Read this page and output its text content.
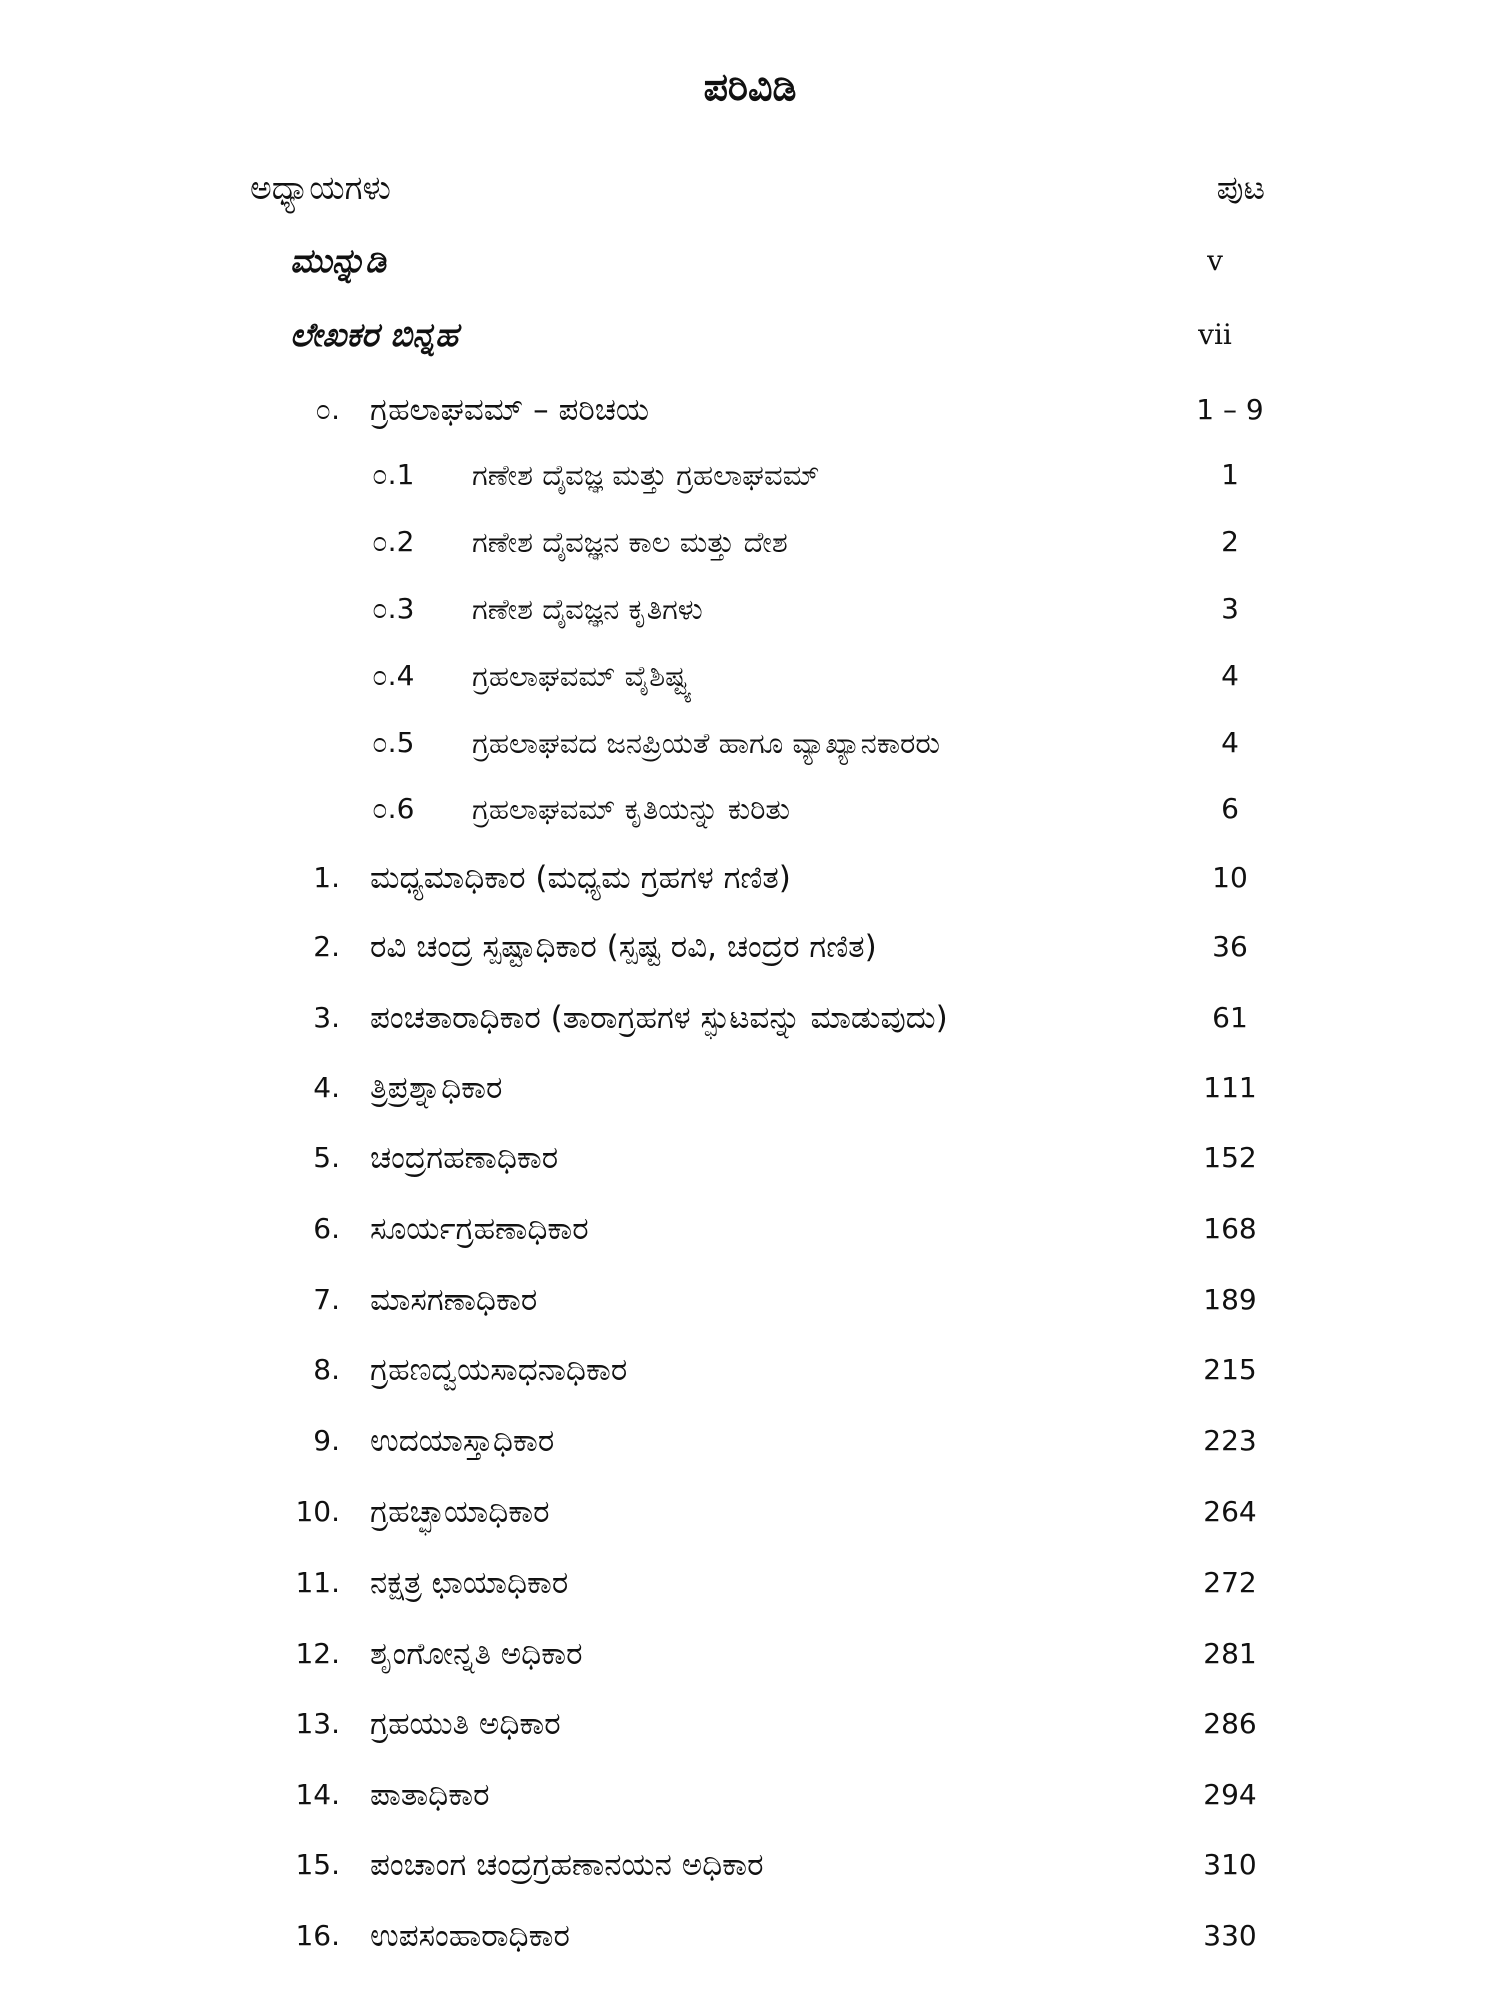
ಪರಿವಿಡಿ
ಅಧ್ಯಾಯಗಳು	ಪುಟ
ಮುನ್ನುಡಿ	v
ಲೇಖಕರ ಬಿನ್ನಹ	vii
೦. ಗ್ರಹಲಾಘವಮ್ – ಪರಿಚಯ	1 – 9
೦.1	ಗಣೇಶ ದೈವಜ್ಞ ಮತ್ತು ಗ್ರಹಲಾಘವಮ್	1
೦.2	ಗಣೇಶ ದೈವಜ್ಞನ ಕಾಲ ಮತ್ತು ದೇಶ	2
೦.3	ಗಣೇಶ ದೈವಜ್ಞನ ಕೃತಿಗಳು	3
೦.4	ಗ್ರಹಲಾಘವಮ್ ವೈಶಿಷ್ಟ್ಯ	4
೦.5	ಗ್ರಹಲಾಘವದ ಜನಪ್ರಿಯತೆ ಹಾಗೂ ವ್ಯಾಖ್ಯಾನಕಾರರು	4
೦.6	ಗ್ರಹಲಾಘವಮ್ ಕೃತಿಯನ್ನು ಕುರಿತು	6
1. ಮಧ್ಯಮಾಧಿಕಾರ (ಮಧ್ಯಮ ಗ್ರಹಗಳ ಗಣಿತ)	10
2. ರವಿ ಚಂದ್ರ ಸ್ಪಷ್ಟಾಧಿಕಾರ (ಸ್ಪಷ್ಟ ರವಿ, ಚಂದ್ರರ ಗಣಿತ)	36
3. ಪಂಚತಾರಾಧಿಕಾರ (ತಾರಾಗ್ರಹಗಳ ಸ್ಫುಟವನ್ನು ಮಾಡುವುದು)	61
4. ತ್ರಿಪ್ರಶ್ನಾಧಿಕಾರ	111
5. ಚಂದ್ರಗಹಣಾಧಿಕಾರ	152
6. ಸೂರ್ಯಗ್ರಹಣಾಧಿಕಾರ	168
7. ಮಾಸಗಣಾಧಿಕಾರ	189
8. ಗ್ರಹಣದ್ವಯಸಾಧನಾಧಿಕಾರ	215
9. ಉದಯಾಸ್ತಾಧಿಕಾರ	223
10. ಗ್ರಹಚ್ಛಾಯಾಧಿಕಾರ	264
11. ನಕ್ಷತ್ರ ಛಾಯಾಧಿಕಾರ	272
12. ಶೃಂಗೋನ್ನತಿ ಅಧಿಕಾರ	281
13. ಗ್ರಹಯುತಿ ಅಧಿಕಾರ	286
14. ಪಾತಾಧಿಕಾರ	294
15. ಪಂಚಾಂಗ ಚಂದ್ರಗ್ರಹಣಾನಯನ ಅಧಿಕಾರ	310
16. ಉಪಸಂಹಾರಾಧಿಕಾರ	330
